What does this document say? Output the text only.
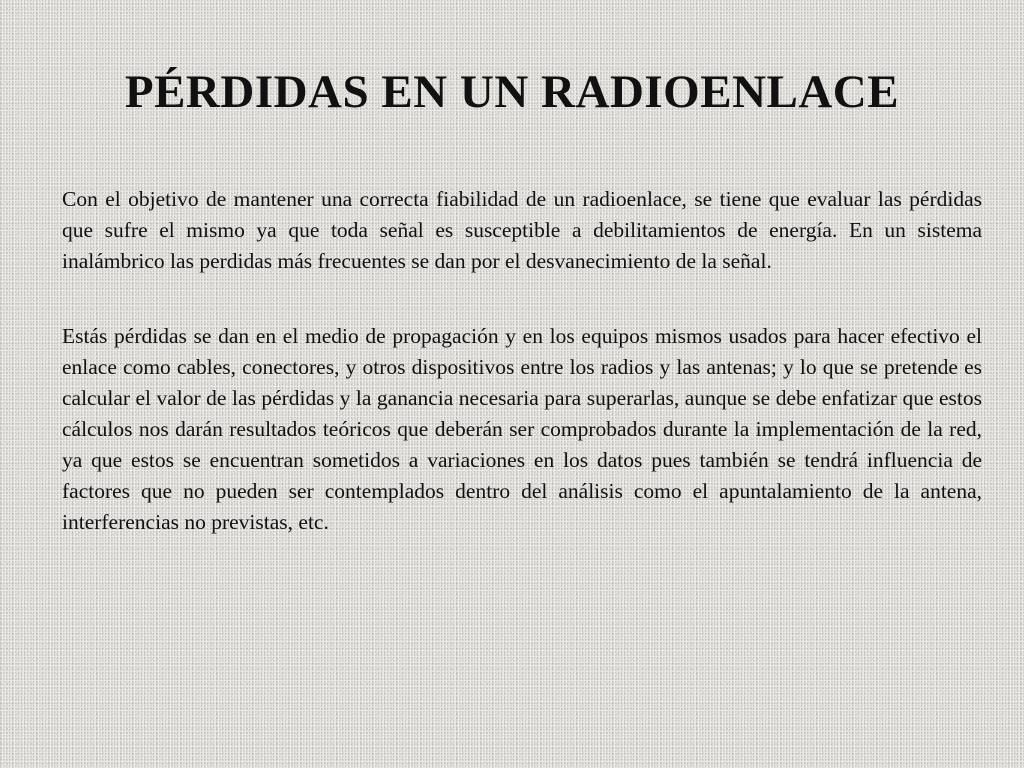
PÉRDIDAS EN UN RADIOENLACE

Con el objetivo de mantener una correcta fiabilidad de un radioenlace, se tiene que evaluar las pérdidas que sufre el mismo ya que toda señal es susceptible a debilitamientos de energía. En un sistema inalámbrico las perdidas más frecuentes se dan por el desvanecimiento de la señal.

Estás pérdidas se dan en el medio de propagación y en los equipos mismos usados para hacer efectivo el enlace como cables, conectores, y otros dispositivos entre los radios y las antenas; y lo que se pretende es calcular el valor de las pérdidas y la ganancia necesaria para superarlas, aunque se debe enfatizar que estos cálculos nos darán resultados teóricos que deberán ser comprobados durante la implementación de la red, ya que estos se encuentran sometidos a variaciones en los datos pues también se tendrá influencia de factores que no pueden ser contemplados dentro del análisis como el apuntalamiento de la antena, interferencias no previstas, etc.
